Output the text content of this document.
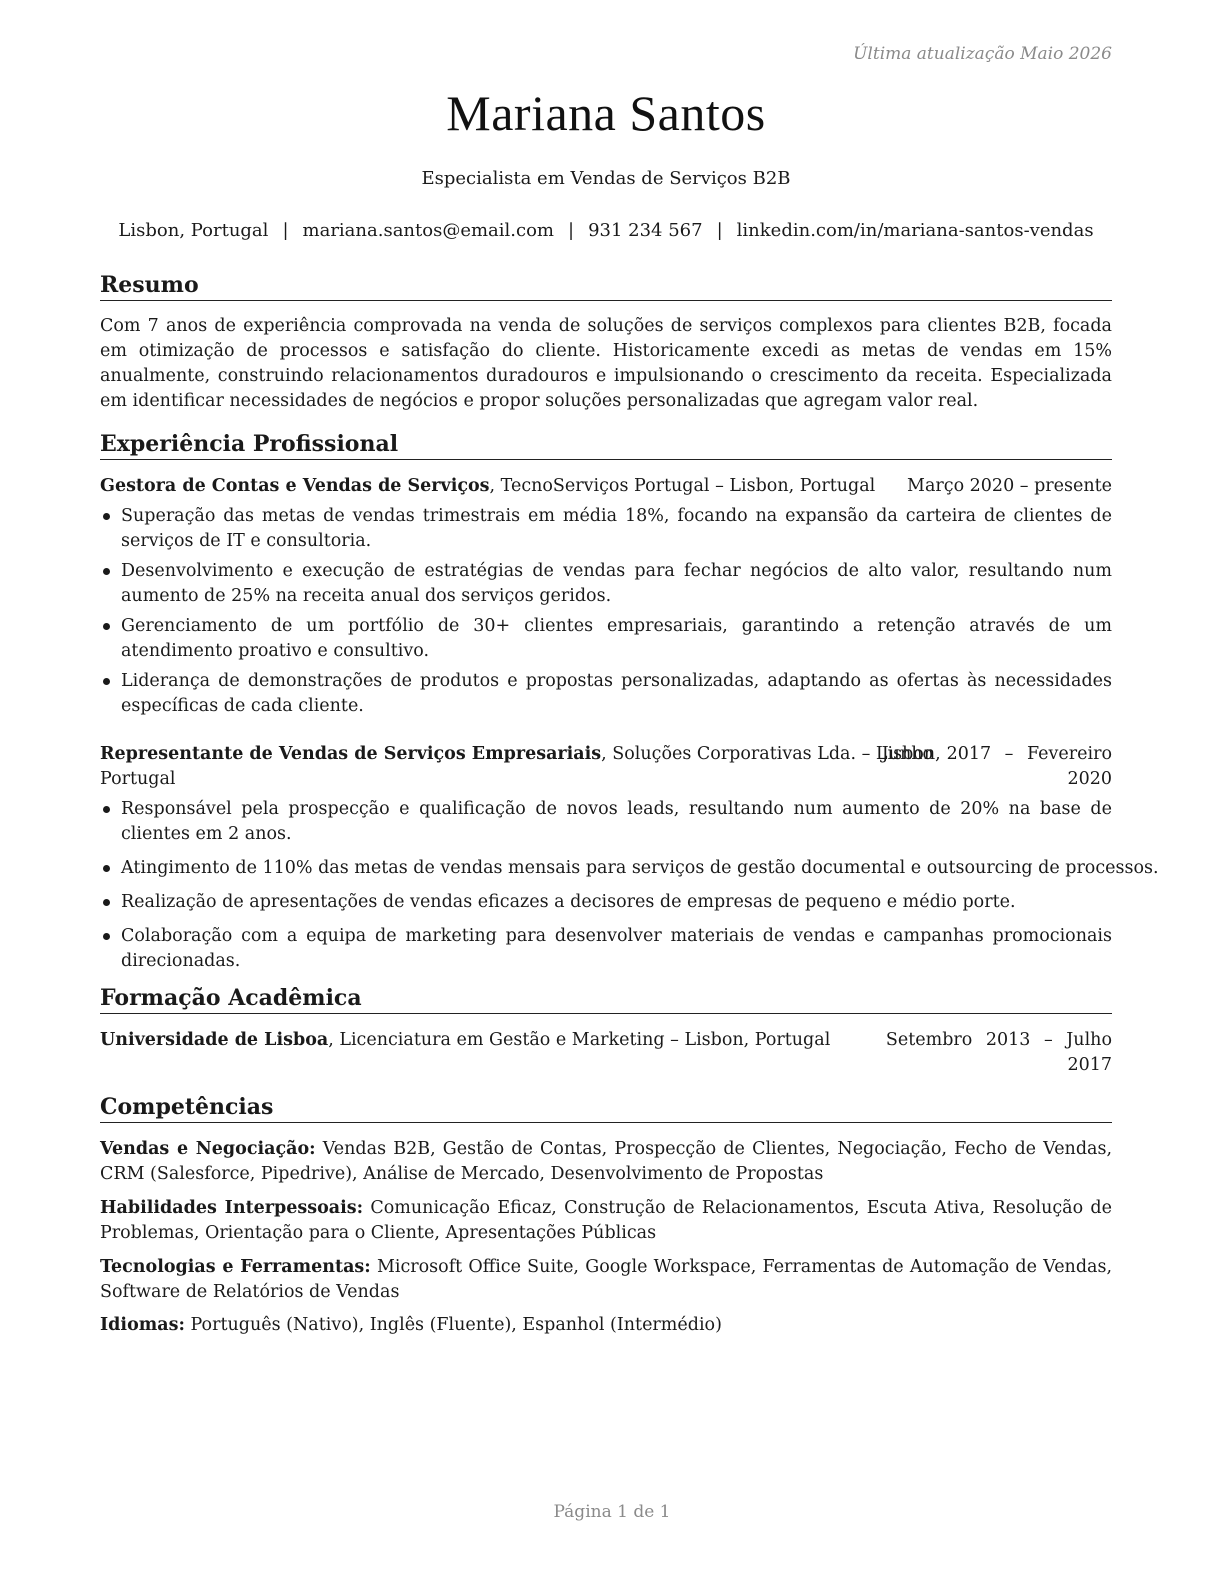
Última atualização Maio 2026
Mariana Santos
Especialista em Vendas de Serviços B2B
Lisbon, Portugal | mariana.santos@email.com | 931 234 567 | linkedin.com/in/mariana-santos-vendas
Resumo
Com 7 anos de experiência comprovada na venda de soluções de serviços complexos para clientes B2B, focada em otimização de processos e satisfação do cliente. Historicamente excedi as metas de vendas em 15% anualmente, construindo relacionamentos duradouros e impulsionando o crescimento da receita. Especializada em identificar necessidades de negócios e propor soluções personalizadas que agregam valor real.
Experiência Profissional
Gestora de Contas e Vendas de Serviços, TecnoServiços Portugal – Lisbon, Portugal Março 2020 – presente
Superação das metas de vendas trimestrais em média 18%, focando na expansão da carteira de clientes de serviços de IT e consultoria.
Desenvolvimento e execução de estratégias de vendas para fechar negócios de alto valor, resultando num aumento de 25% na receita anual dos serviços geridos.
Gerenciamento de um portfólio de 30+ clientes empresariais, garantindo a retenção através de um atendimento proativo e consultivo.
Liderança de demonstrações de produtos e propostas personalizadas, adaptando as ofertas às necessidades específicas de cada cliente.
Representante de Vendas de Serviços Empresariais, Soluções Corporativas Lda. – Lisbon,
Portugal
Junho 2017 – Fevereiro
2020
Responsável pela prospecção e qualificação de novos leads, resultando num aumento de 20% na base de clientes em 2 anos.
Atingimento de 110% das metas de vendas mensais para serviços de gestão documental e outsourcing de processos.
Realização de apresentações de vendas eficazes a decisores de empresas de pequeno e médio porte.
Colaboração com a equipa de marketing para desenvolver materiais de vendas e campanhas promocionais direcionadas.
Formação Acadêmica
Universidade de Lisboa, Licenciatura em Gestão e Marketing – Lisbon, Portugal	Setembro 2013 – Julho
2017
Competências
Vendas e Negociação: Vendas B2B, Gestão de Contas, Prospecção de Clientes, Negociação, Fecho de Vendas, CRM (Salesforce, Pipedrive), Análise de Mercado, Desenvolvimento de Propostas
Habilidades Interpessoais: Comunicação Eficaz, Construção de Relacionamentos, Escuta Ativa, Resolução de Problemas, Orientação para o Cliente, Apresentações Públicas
Tecnologias e Ferramentas: Microsoft Office Suite, Google Workspace, Ferramentas de Automação de Vendas, Software de Relatórios de Vendas
Idiomas: Português (Nativo), Inglês (Fluente), Espanhol (Intermédio)
Página 1 de 1
